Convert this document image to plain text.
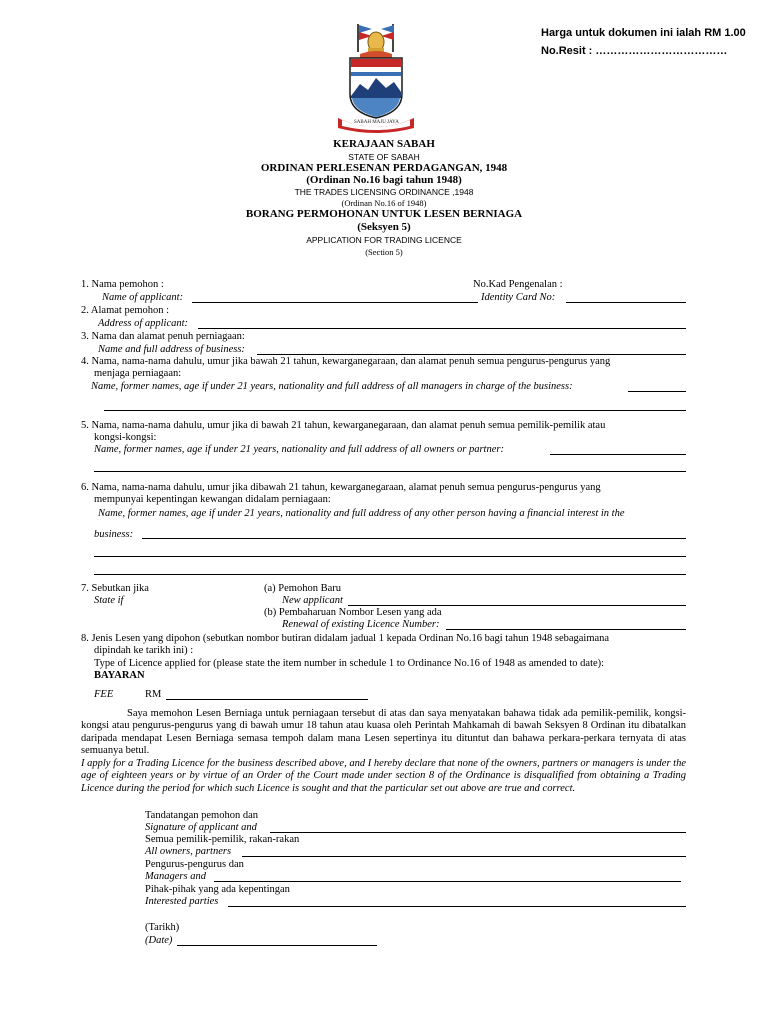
Harga untuk dokumen ini ialah RM 1.00
No.Resit : ………………………………
SABAH MAJU JAYA
KERAJAAN SABAH
STATE OF SABAH
ORDINAN PERLESENAN PERDAGANGAN, 1948
(Ordinan No.16 bagi tahun 1948)
THE TRADES LICENSING ORDINANCE ,1948
(Ordinan No.16 of 1948)
BORANG PERMOHONAN UNTUK LESEN BERNIAGA
(Seksyen 5)
APPLICATION FOR TRADING LICENCE
(Section 5)
1. Nama pemohon :	No.Kad Pengenalan :
Name of applicant:	Identity Card No:
2. Alamat pemohon :
Address of applicant:
3. Nama dan alamat penuh perniagaan:
Name and full address of business:
4. Nama, nama-nama dahulu, umur jika bawah 21 tahun, kewarganegaraan, dan alamat penuh semua pengurus-pengurus yang
menjaga perniagaan:
Name, former names, age if under 21 years, nationality and full address of all managers in charge of the business:
5. Nama, nama-nama dahulu, umur jika di bawah 21 tahun, kewarganegaraan, dan alamat penuh semua pemilik-pemilik atau
kongsi-kongsi:
Name, former names, age if under 21 years, nationality and full address of all owners or partner:
6. Nama, nama-nama dahulu, umur jika dibawah 21 tahun, kewarganegaraan, alamat penuh semua pengurus-pengurus yang
mempunyai kepentingan kewangan didalam perniagaan:
Name, former names, age if under 21 years, nationality and full address of any other person having a financial interest in the
business:
7. Sebutkan jika
State if
(a) Pemohon Baru
New applicant
(b) Pembaharuan Nombor Lesen yang ada
Renewal of existing Licence Number:
8. Jenis Lesen yang dipohon (sebutkan nombor butiran didalam jadual 1 kepada Ordinan No.16 bagi tahun 1948 sebagaimana
dipindah ke tarikh ini) :
Type of Licence applied for (please state the item number in schedule 1 to Ordinance No.16 of 1948 as amended to date):
BAYARAN
FEE	RM
Saya memohon Lesen Berniaga untuk perniagaan tersebut di atas dan saya menyatakan bahawa tidak ada pemilik-pemilik, kongsi-kongsi atau pengurus-pengurus yang di bawah umur 18 tahun atau kuasa oleh Perintah Mahkamah di bawah Seksyen 8 Ordinan itu dibatalkan daripada mendapat Lesen Berniaga semasa tempoh dalam mana Lesen sepertinya itu dituntut dan bahawa perkara-perkara ternyata di atas semuanya betul.
I apply for a Trading Licence for the business described above, and I hereby declare that none of the owners, partners or managers is under the age of eighteen years or by virtue of an Order of the Court made under section 8 of the Ordinance is disqualified from obtaining a Trading Licence during the period for which such Licence is sought and that the particular set out above are true and correct.
Tandatangan pemohon dan
Signature of applicant and
Semua pemilik-pemilik, rakan-rakan
All owners, partners
Pengurus-pengurus dan
Managers and
Pihak-pihak yang ada kepentingan
Interested parties
(Tarikh)
(Date)
